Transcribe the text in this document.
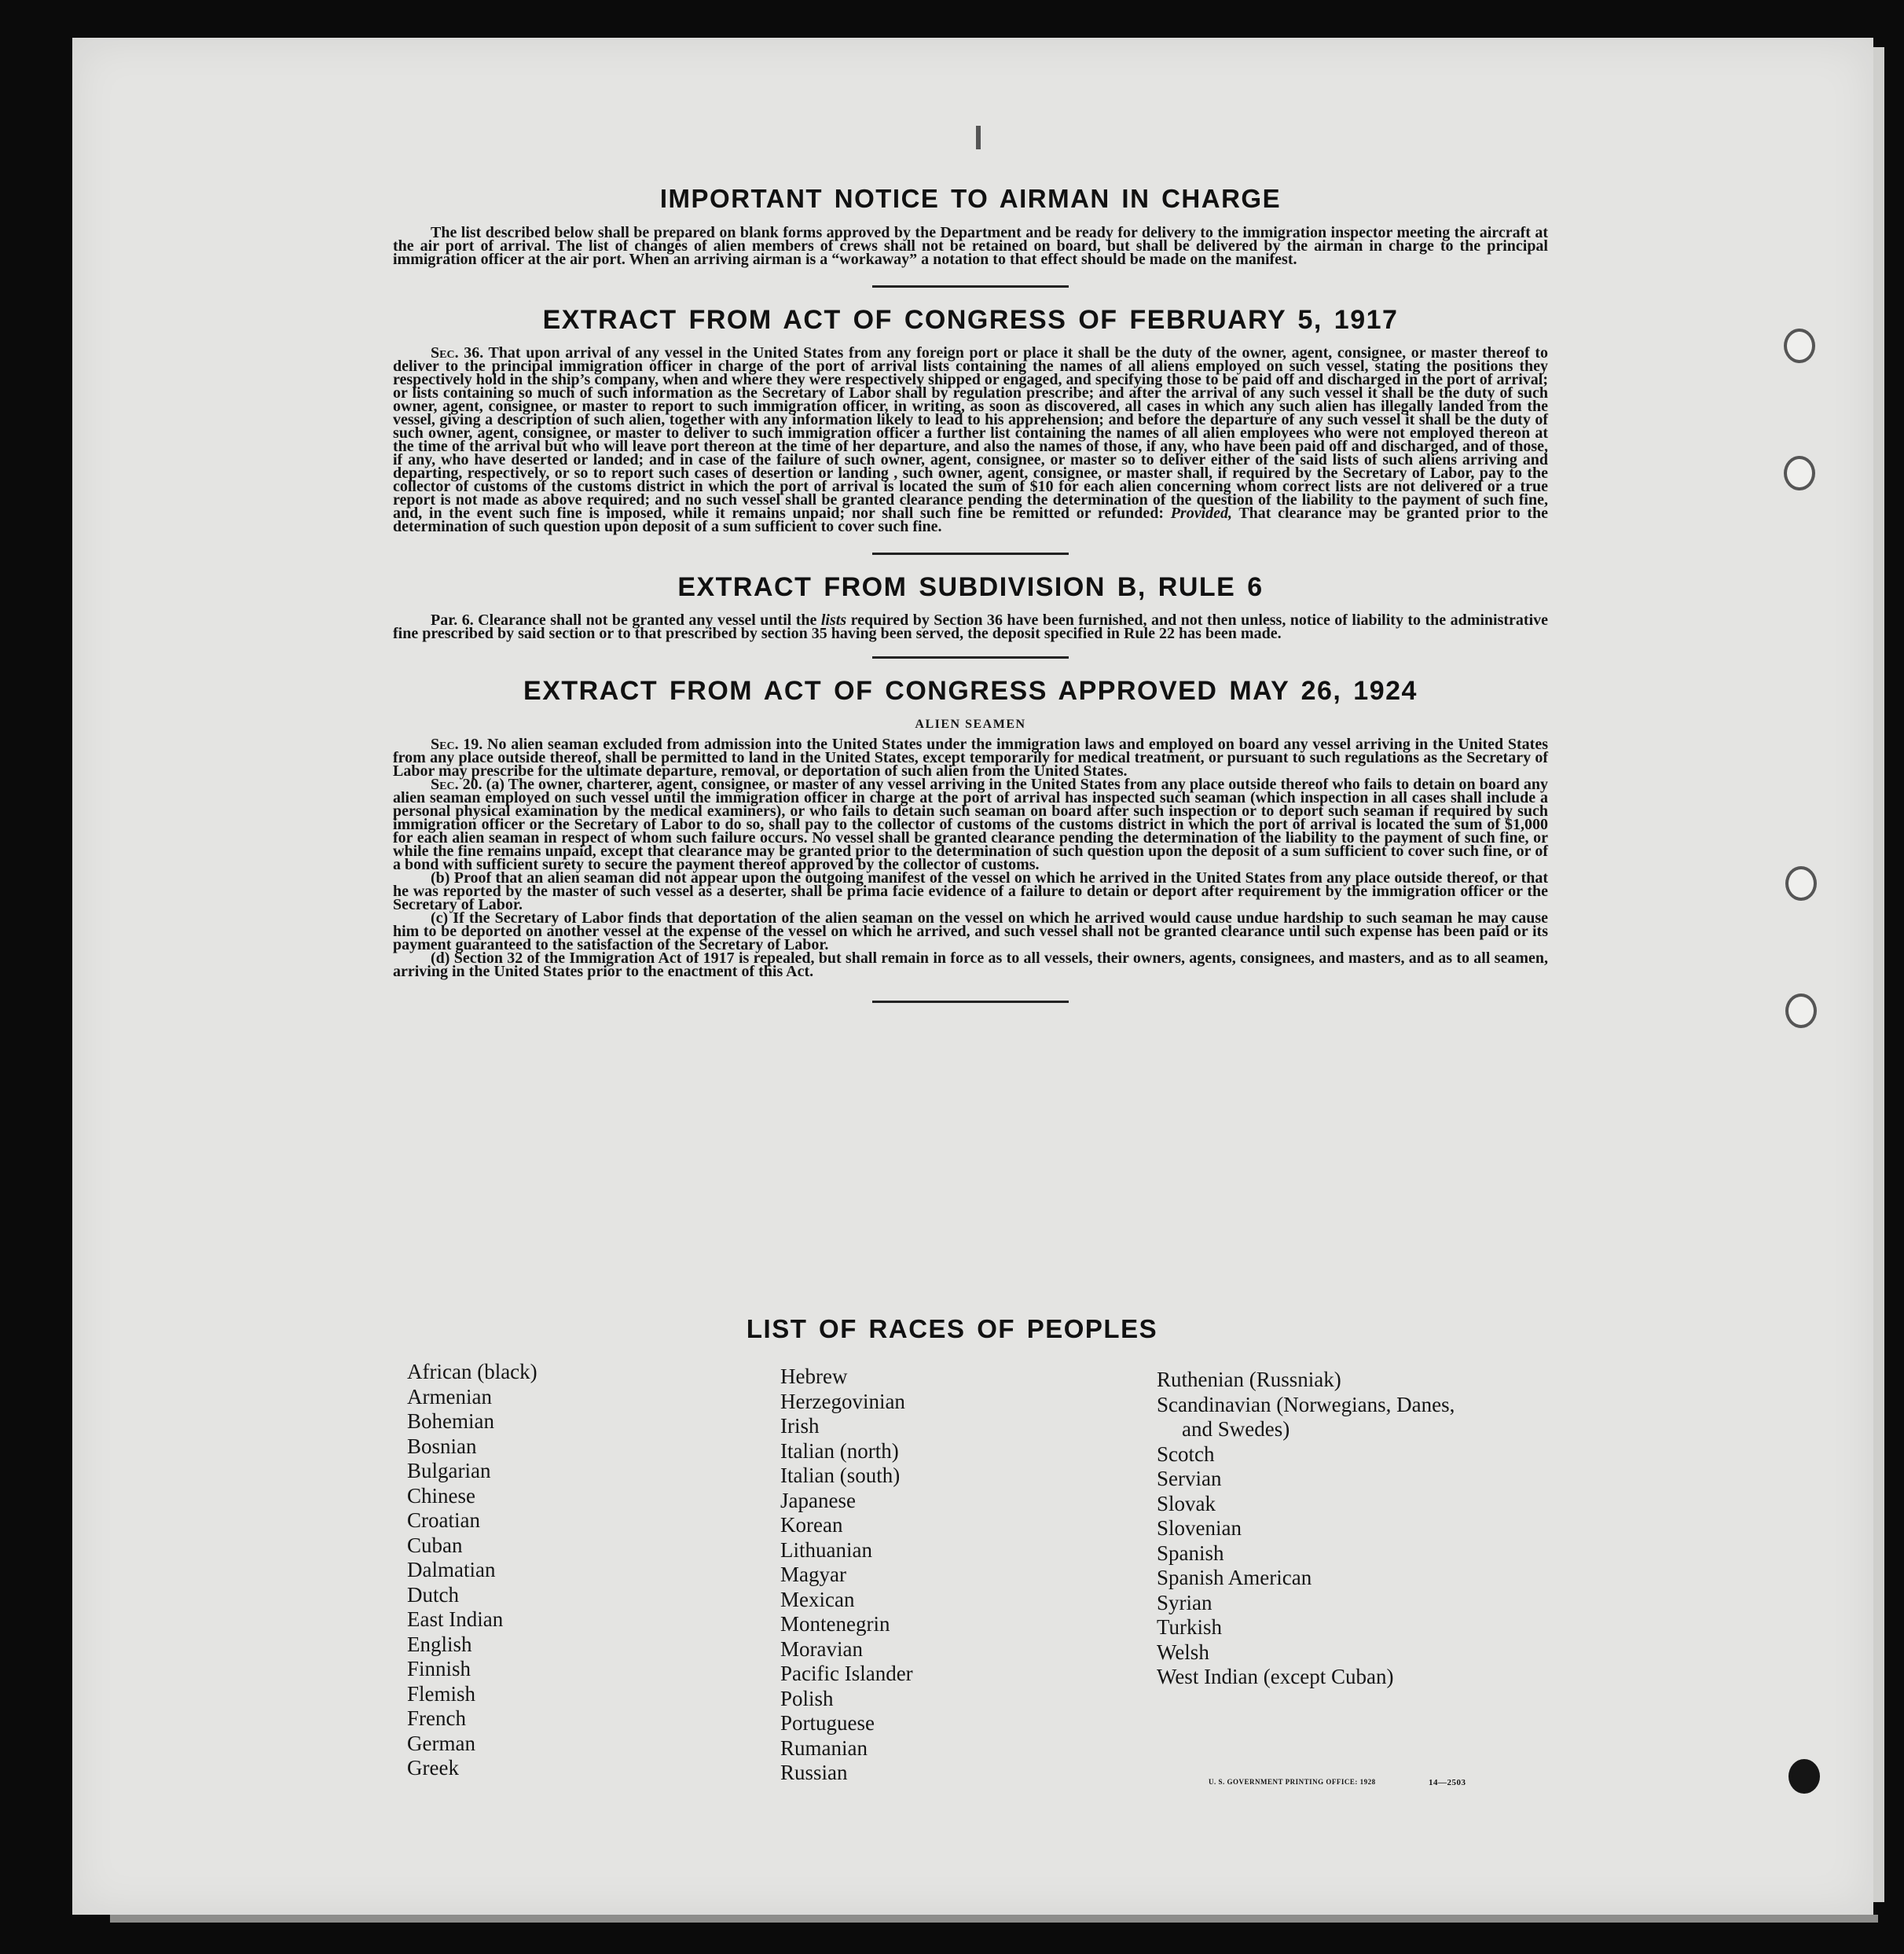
IMPORTANT NOTICE TO AIRMAN IN CHARGE

The list described below shall be prepared on blank forms approved by the Department and be ready for delivery to the immigration inspector meeting the aircraft at the air port of arrival. The list of changes of alien members of crews shall not be retained on board, but shall be delivered by the airman in charge to the principal immigration officer at the air port. When an arriving airman is a “workaway” a notation to that effect should be made on the manifest.

EXTRACT FROM ACT OF CONGRESS OF FEBRUARY 5, 1917

Sec. 36. That upon arrival of any vessel in the United States from any foreign port or place it shall be the duty of the owner, agent, consignee, or master thereof to deliver to the principal immigration officer in charge of the port of arrival lists containing the names of all aliens employed on such vessel, stating the positions they respectively hold in the ship’s company, when and where they were respectively shipped or engaged, and specifying those to be paid off and discharged in the port of arrival; or lists containing so much of such information as the Secretary of Labor shall by regulation prescribe; and after the arrival of any such vessel it shall be the duty of such owner, agent, consignee, or master to report to such immigration officer, in writing, as soon as discovered, all cases in which any such alien has illegally landed from the vessel, giving a description of such alien, together with any information likely to lead to his apprehension; and before the departure of any such vessel it shall be the duty of such owner, agent, consignee, or master to deliver to such immigration officer a further list containing the names of all alien employees who were not employed thereon at the time of the arrival but who will leave port thereon at the time of her departure, and also the names of those, if any, who have been paid off and discharged, and of those, if any, who have deserted or landed; and in case of the failure of such owner, agent, consignee, or master so to deliver either of the said lists of such aliens arriving and departing, respectively, or so to report such cases of desertion or landing , such owner, agent, consignee, or master shall, if required by the Secretary of Labor, pay to the collector of customs of the customs district in which the port of arrival is located the sum of $10 for each alien concerning whom correct lists are not delivered or a true report is not made as above required; and no such vessel shall be granted clearance pending the determination of the question of the liability to the payment of such fine, and, in the event such fine is imposed, while it remains unpaid; nor shall such fine be remitted or refunded: Provided, That clearance may be granted prior to the determination of such question upon deposit of a sum sufficient to cover such fine.

EXTRACT FROM SUBDIVISION B, RULE 6

Par. 6. Clearance shall not be granted any vessel until the lists required by Section 36 have been furnished, and not then unless, notice of liability to the administrative fine prescribed by said section or to that prescribed by section 35 having been served, the deposit specified in Rule 22 has been made.

EXTRACT FROM ACT OF CONGRESS APPROVED MAY 26, 1924
ALIEN SEAMEN

Sec. 19. No alien seaman excluded from admission into the United States under the immigration laws and employed on board any vessel arriving in the United States from any place outside thereof, shall be permitted to land in the United States, except temporarily for medical treatment, or pursuant to such regulations as the Secretary of Labor may prescribe for the ultimate departure, removal, or deportation of such alien from the United States.

Sec. 20. (a) The owner, charterer, agent, consignee, or master of any vessel arriving in the United States from any place outside thereof who fails to detain on board any alien seaman employed on such vessel until the immigration officer in charge at the port of arrival has inspected such seaman (which inspection in all cases shall include a personal physical examination by the medical examiners), or who fails to detain such seaman on board after such inspection or to deport such seaman if required by such immigration officer or the Secretary of Labor to do so, shall pay to the collector of customs of the customs district in which the port of arrival is located the sum of $1,000 for each alien seaman in respect of whom such failure occurs. No vessel shall be granted clearance pending the determination of the liability to the payment of such fine, or while the fine remains unpaid, except that clearance may be granted prior to the determination of such question upon the deposit of a sum sufficient to cover such fine, or of a bond with sufficient surety to secure the payment thereof approved by the collector of customs.

(b) Proof that an alien seaman did not appear upon the outgoing manifest of the vessel on which he arrived in the United States from any place outside thereof, or that he was reported by the master of such vessel as a deserter, shall be prima facie evidence of a failure to detain or deport after requirement by the immigration officer or the Secretary of Labor.

(c) If the Secretary of Labor finds that deportation of the alien seaman on the vessel on which he arrived would cause undue hardship to such seaman he may cause him to be deported on another vessel at the expense of the vessel on which he arrived, and such vessel shall not be granted clearance until such expense has been paid or its payment guaranteed to the satisfaction of the Secretary of Labor.

(d) Section 32 of the Immigration Act of 1917 is repealed, but shall remain in force as to all vessels, their owners, agents, consignees, and masters, and as to all seamen, arriving in the United States prior to the enactment of this Act.

LIST OF RACES OF PEOPLES
African (black)
Armenian
Bohemian
Bosnian
Bulgarian
Chinese
Croatian
Cuban
Dalmatian
Dutch
East Indian
English
Finnish
Flemish
French
German
Greek
Hebrew
Herzegovinian
Irish
Italian (north)
Italian (south)
Japanese
Korean
Lithuanian
Magyar
Mexican
Montenegrin
Moravian
Pacific Islander
Polish
Portuguese
Rumanian
Russian
Ruthenian (Russniak)
Scandinavian (Norwegians, Danes,
and Swedes)
Scotch
Servian
Slovak
Slovenian
Spanish
Spanish American
Syrian
Turkish
Welsh
West Indian (except Cuban)
U. S. GOVERNMENT PRINTING OFFICE: 1928	14—2503
